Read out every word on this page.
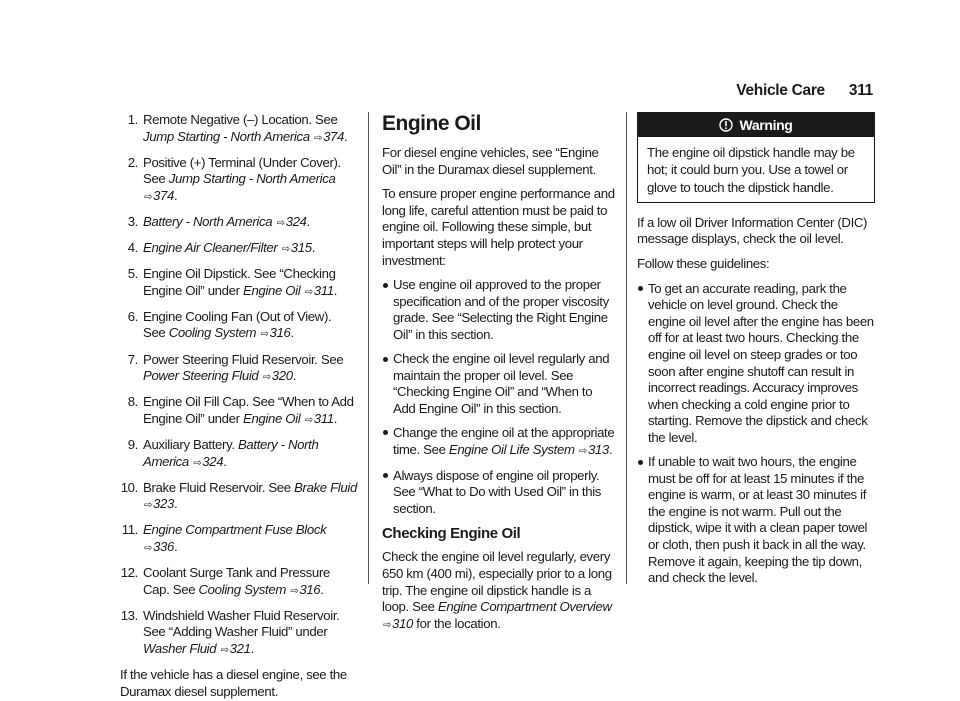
Vehicle Care 311
1. Remote Negative (–) Location. See Jump Starting - North America ⇨374.
2. Positive (+) Terminal (Under Cover). See Jump Starting - North America ⇨374.
3. Battery - North America ⇨324.
4. Engine Air Cleaner/Filter ⇨315.
5. Engine Oil Dipstick. See “Checking Engine Oil” under Engine Oil ⇨311.
6. Engine Cooling Fan (Out of View). See Cooling System ⇨316.
7. Power Steering Fluid Reservoir. See Power Steering Fluid ⇨320.
8. Engine Oil Fill Cap. See “When to Add Engine Oil” under Engine Oil ⇨311.
9. Auxiliary Battery. Battery - North America ⇨324.
10. Brake Fluid Reservoir. See Brake Fluid ⇨323.
11. Engine Compartment Fuse Block ⇨336.
12. Coolant Surge Tank and Pressure Cap. See Cooling System ⇨316.
13. Windshield Washer Fluid Reservoir. See “Adding Washer Fluid” under Washer Fluid ⇨321.

If the vehicle has a diesel engine, see the Duramax diesel supplement.

Engine Oil

For diesel engine vehicles, see “Engine Oil” in the Duramax diesel supplement.

To ensure proper engine performance and long life, careful attention must be paid to engine oil. Following these simple, but important steps will help protect your investment:

Use engine oil approved to the proper specification and of the proper viscosity grade. See “Selecting the Right Engine Oil” in this section.
Check the engine oil level regularly and maintain the proper oil level. See “Checking Engine Oil” and “When to Add Engine Oil” in this section.
Change the engine oil at the appropriate time. See Engine Oil Life System ⇨313.
Always dispose of engine oil properly. See “What to Do with Used Oil” in this section.
Checking Engine Oil

Check the engine oil level regularly, every 650 km (400 mi), especially prior to a long trip. The engine oil dipstick handle is a loop. See Engine Compartment Overview ⇨310 for the location.

Warning
The engine oil dipstick handle may be hot; it could burn you. Use a towel or glove to touch the dipstick handle.

If a low oil Driver Information Center (DIC) message displays, check the oil level.

Follow these guidelines:

To get an accurate reading, park the vehicle on level ground. Check the engine oil level after the engine has been off for at least two hours. Checking the engine oil level on steep grades or too soon after engine shutoff can result in incorrect readings. Accuracy improves when checking a cold engine prior to starting. Remove the dipstick and check the level.
If unable to wait two hours, the engine must be off for at least 15 minutes if the engine is warm, or at least 30 minutes if the engine is not warm. Pull out the dipstick, wipe it with a clean paper towel or cloth, then push it back in all the way. Remove it again, keeping the tip down, and check the level.
